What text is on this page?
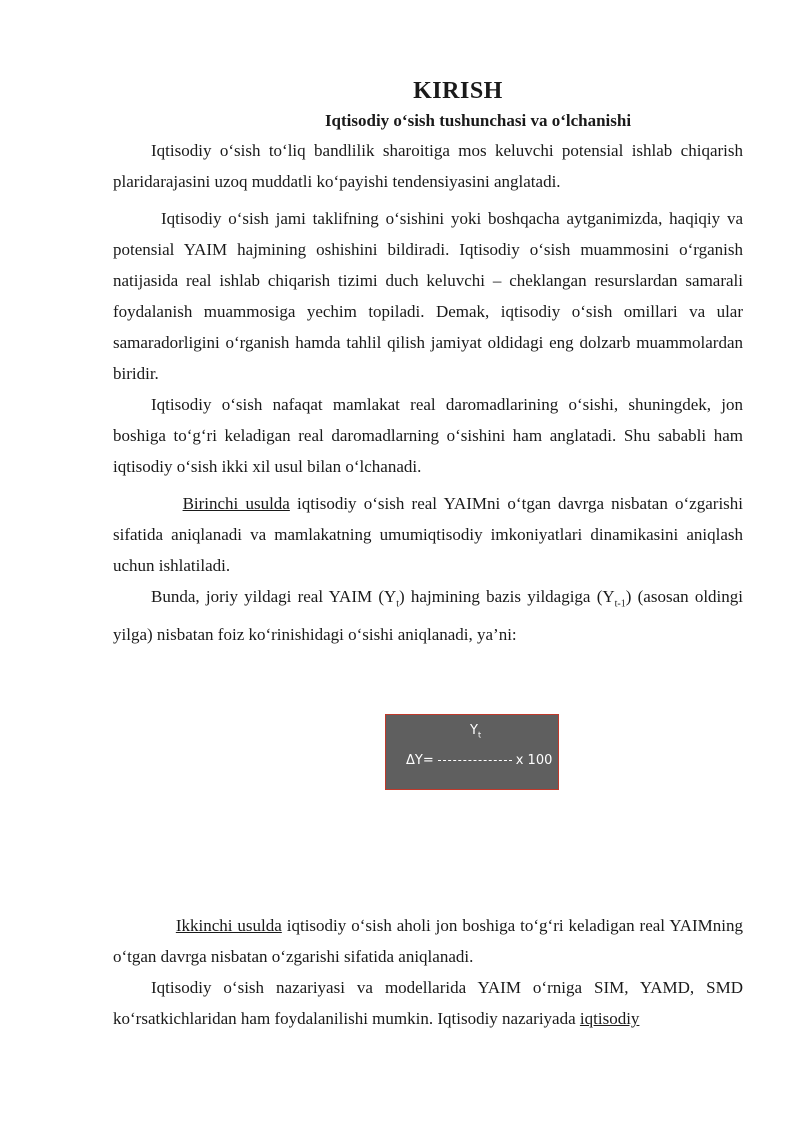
KIRISH
Iqtisodiy o‘sish tushunchasi va o‘lchanishi

Iqtisodiy o‘sish to‘liq bandlilik sharoitiga mos keluvchi potensial ishlab chiqarish plaridarajasini uzoq muddatli ko‘payishi tendensiyasini anglatadi.

Iqtisodiy o‘sish jami taklifning o‘sishini yoki boshqacha aytganimizda, haqiqiy va potensial YAIM hajmining oshishini bildiradi. Iqtisodiy o‘sish muammosini o‘rganish natijasida real ishlab chiqarish tizimi duch keluvchi – cheklangan resurslardan samarali foydalanish muammosiga yechim topiladi. Demak, iqtisodiy o‘sish omillari va ular samaradorligini o‘rganish hamda tahlil qilish jamiyat oldidagi eng dolzarb muammolardan biridir.

Iqtisodiy o‘sish nafaqat mamlakat real daromadlarining o‘sishi, shuningdek, jon boshiga to‘g‘ri keladigan real daromadlarning o‘sishini ham anglatadi. Shu sababli ham iqtisodiy o‘sish ikki xil usul bilan o‘lchanadi.

Birinchi usulda iqtisodiy o‘sish real YAIMni o‘tgan davrga nisbatan o‘zgarishi sifatida aniqlanadi va mamlakatning umumiqtisodiy imkoniyatlari dinamikasini aniqlash uchun ishlatiladi.

Bunda, joriy yildagi real YAIM $(Y_t)$ hajmining bazis yildagiga $(Y_{t-1})$ (asosan oldingi yilga) nisbatan foiz ko‘rinishidagi o‘sishi aniqlanadi, ya’ni:

$Y_t$
ΔY=	x 100

Ikkinchi usulda iqtisodiy o‘sish aholi jon boshiga to‘g‘ri keladigan real YAIMning o‘tgan davrga nisbatan o‘zgarishi sifatida aniqlanadi.

Iqtisodiy o‘sish nazariyasi va modellarida YAIM o‘rniga SIM, YAMD, SMD ko‘rsatkichlaridan ham foydalanilishi mumkin. Iqtisodiy nazariyada iqtisodiy
